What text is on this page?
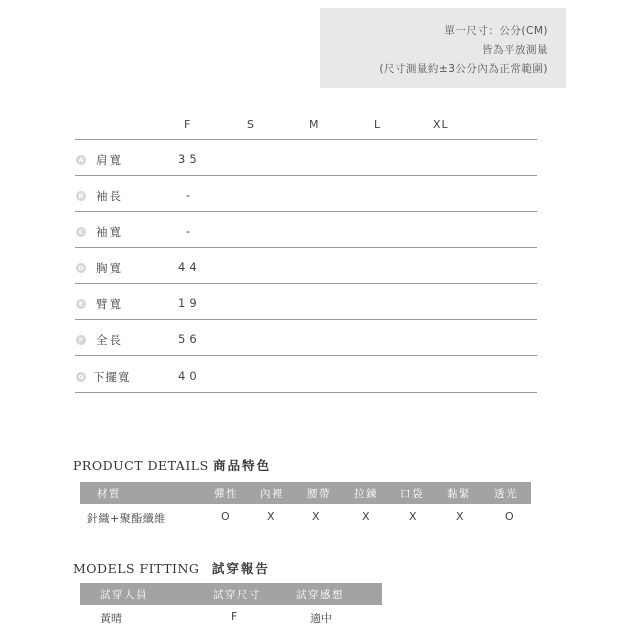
單一尺寸：公分(CM)
皆為平放測量
(尺寸測量約±3公分內為正常範圍)
F	S	M	L	XL
A 肩寬	35
B 袖長	-
C 袖寬	-
D 胸寬	44
E 臂寬	19
F 全長	56
G 下擺寬	40
PRODUCT DETAILS 商品特色
材質	彈性 內裡 腰帶 拉鍊 口袋 黏緊 透光
針織+聚酯纖維	O	X	X	X	X	X	O
MODELS FITTING 試穿報告
試穿人員	試穿尺寸	試穿感想
黃晴	F	適中
